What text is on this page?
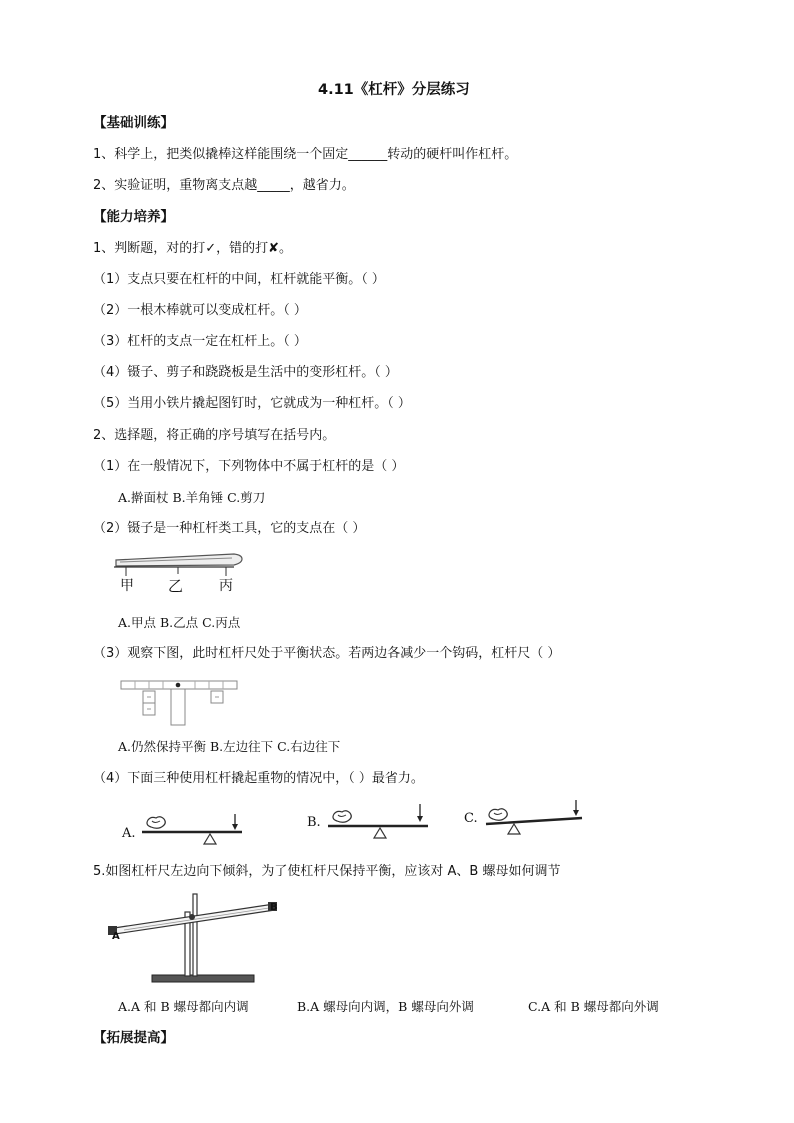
4.11《杠杆》分层练习
【基础训练】
1、科学上，把类似撬棒这样能围绕一个固定______转动的硬杆叫作杠杆。
2、实验证明，重物离支点越_____，越省力。
【能力培养】
1、判断题，对的打✓，错的打✘。
（1）支点只要在杠杆的中间，杠杆就能平衡。（ ）
（2）一根木棒就可以变成杠杆。（ ）
（3）杠杆的支点一定在杠杆上。（ ）
（4）镊子、剪子和跷跷板是生活中的变形杠杆。（ ）
（5）当用小铁片撬起图钉时，它就成为一种杠杆。（ ）
2、选择题，将正确的序号填写在括号内。
（1）在一般情况下，下列物体中不属于杠杆的是（ ）
A.擀面杖 B.羊角锤 C.剪刀
（2）镊子是一种杠杆类工具，它的支点在（ ）
甲 乙	丙
A.甲点 B.乙点 C.丙点
（3）观察下图，此时杠杆尺处于平衡状态。若两边各减少一个钩码，杠杆尺（ ）
A.仍然保持平衡 B.左边往下 C.右边往下
（4）下面三种使用杠杆撬起重物的情况中，（ ）最省力。
A.
B.	C.
5.如图杠杆尺左边向下倾斜，为了使杠杆尺保持平衡，应该对 A、B 螺母如何调节
A
B
A.A 和 B 螺母都向内调	B.A 螺母向内调，B 螺母向外调	C.A 和 B 螺母都向外调
【拓展提高】
